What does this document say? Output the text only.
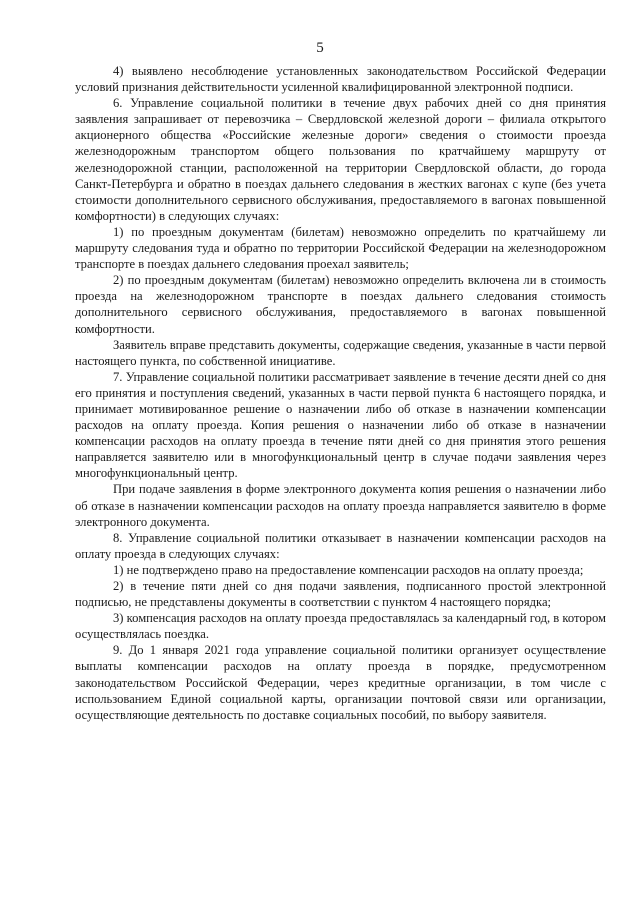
5

4) выявлено несоблюдение установленных законодательством Российской Федерации условий признания действительности усиленной квалифицированной электронной подписи.

6. Управление социальной политики в течение двух рабочих дней со дня принятия заявления запрашивает от перевозчика – Свердловской железной дороги – филиала открытого акционерного общества «Российские железные дороги» сведения о стоимости проезда железнодорожным транспортом общего пользования по кратчайшему маршруту от железнодорожной станции, расположенной на территории Свердловской области, до города Санкт-Петербурга и обратно в поездах дальнего следования в жестких вагонах с купе (без учета стоимости дополнительного сервисного обслуживания, предоставляемого в вагонах повышенной комфортности) в следующих случаях:

1) по проездным документам (билетам) невозможно определить по кратчайшему ли маршруту следования туда и обратно по территории Российской Федерации на железнодорожном транспорте в поездах дальнего следования проехал заявитель;

2) по проездным документам (билетам) невозможно определить включена ли в стоимость проезда на железнодорожном транспорте в поездах дальнего следования стоимость дополнительного сервисного обслуживания, предоставляемого в вагонах повышенной комфортности.

Заявитель вправе представить документы, содержащие сведения, указанные в части первой настоящего пункта, по собственной инициативе.

7. Управление социальной политики рассматривает заявление в течение десяти дней со дня его принятия и поступления сведений, указанных в части первой пункта 6 настоящего порядка, и принимает мотивированное решение о назначении либо об отказе в назначении компенсации расходов на оплату проезда. Копия решения о назначении либо об отказе в назначении компенсации расходов на оплату проезда в течение пяти дней со дня принятия этого решения направляется заявителю или в многофункциональный центр в случае подачи заявления через многофункциональный центр.

При подаче заявления в форме электронного документа копия решения о назначении либо об отказе в назначении компенсации расходов на оплату проезда направляется заявителю в форме электронного документа.

8. Управление социальной политики отказывает в назначении компенсации расходов на оплату проезда в следующих случаях:

1) не подтверждено право на предоставление компенсации расходов на оплату проезда;

2) в течение пяти дней со дня подачи заявления, подписанного простой электронной подписью, не представлены документы в соответствии с пунктом 4 настоящего порядка;

3) компенсация расходов на оплату проезда предоставлялась за календарный год, в котором осуществлялась поездка.

9. До 1 января 2021 года управление социальной политики организует осуществление выплаты компенсации расходов на оплату проезда в порядке, предусмотренном законодательством Российской Федерации, через кредитные организации, в том числе с использованием Единой социальной карты, организации почтовой связи или организации, осуществляющие деятельность по доставке социальных пособий, по выбору заявителя.
